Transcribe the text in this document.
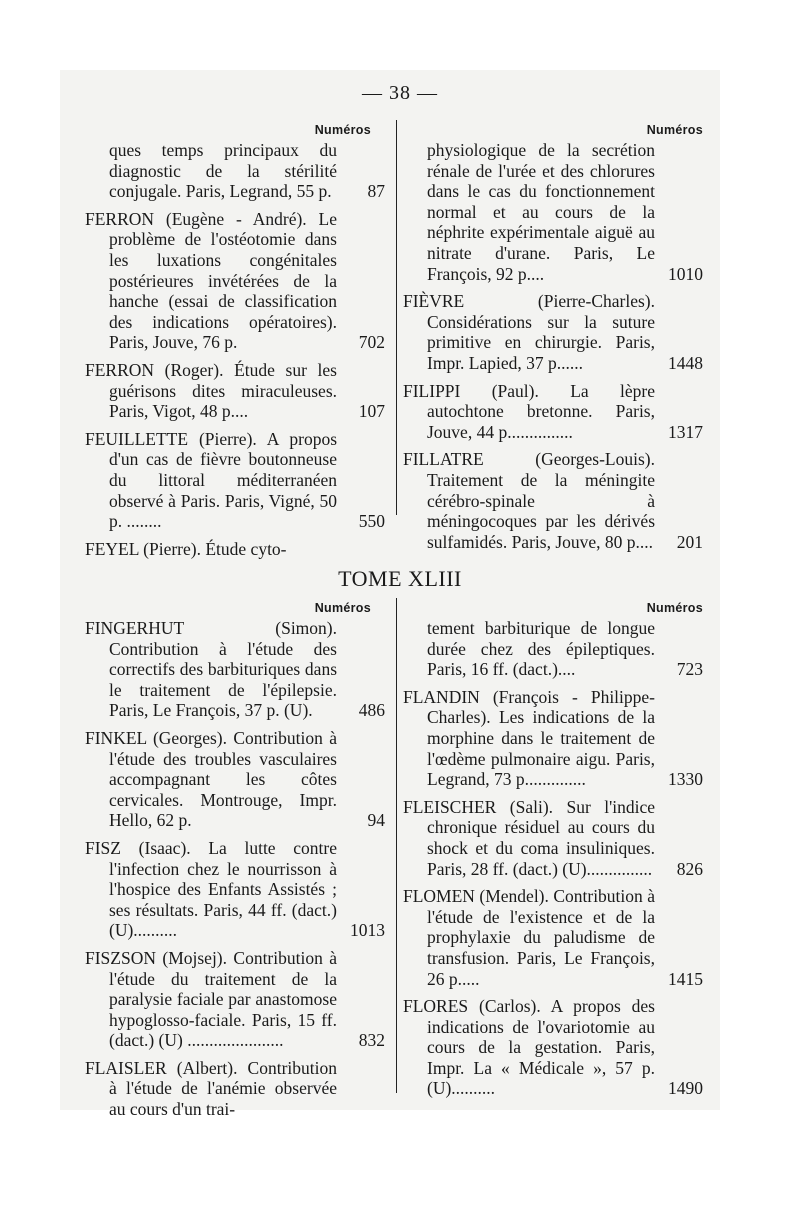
— 38 —
Numéros
ques temps principaux du diagnostic de la stérilité conjugale. Paris, Legrand, 55 p. 87
FERRON (Eugène - André). Le problème de l'ostéotomie dans les luxations congénitales postérieures invétérées de la hanche (essai de classification des indications opératoires). Paris, Jouve, 76 p.	702
FERRON (Roger). Étude sur les guérisons dites miraculeuses. Paris, Vigot, 48 p....	107
FEUILLETTE (Pierre). A propos d'un cas de fièvre boutonneuse du littoral méditerranéen observé à Paris. Paris, Vigné, 50 p. ........	550
FEYEL (Pierre). Étude cyto-
Numéros
physiologique de la secrétion rénale de l'urée et des chlorures dans le cas du fonctionnement normal et au cours de la néphrite expérimentale aiguë au nitrate d'urane. Paris, Le François, 92 p....	1010
FIÈVRE (Pierre-Charles). Considérations sur la suture primitive en chirurgie. Paris, Impr. Lapied, 37 p......	1448
FILIPPI (Paul). La lèpre autochtone bretonne. Paris, Jouve, 44 p...............	1317
FILLATRE (Georges-Louis). Traitement de la méningite cérébro-spinale à méningocoques par les dérivés sulfamidés. Paris, Jouve, 80 p.... 201
TOME XLIII
Numéros
FINGERHUT (Simon). Contribution à l'étude des correctifs des barbituriques dans le traitement de l'épilepsie. Paris, Le François, 37 p. (U).	486
FINKEL (Georges). Contribution à l'étude des troubles vasculaires accompagnant les côtes cervicales. Montrouge, Impr. Hello, 62 p.	94
FISZ (Isaac). La lutte contre l'infection chez le nourrisson à l'hospice des Enfants Assistés ; ses résultats. Paris, 44 ff. (dact.) (U)..........	1013
FISZSON (Mojsej). Contribution à l'étude du traitement de la paralysie faciale par anastomose hypoglosso-faciale. Paris, 15 ff. (dact.) (U) ......................	832
FLAISLER (Albert). Contribution à l'étude de l'anémie observée au cours d'un trai-
Numéros
tement barbiturique de longue durée chez des épileptiques. Paris, 16 ff. (dact.)....	723
FLANDIN (François - Philippe-Charles). Les indications de la morphine dans le traitement de l'œdème pulmonaire aigu. Paris, Legrand, 73 p..............	1330
FLEISCHER (Sali). Sur l'indice chronique résiduel au cours du shock et du coma insuliniques. Paris, 28 ff. (dact.) (U)............... 826
FLOMEN (Mendel). Contribution à l'étude de l'existence et de la prophylaxie du paludisme de transfusion. Paris, Le François, 26 p.....	1415
FLORES (Carlos). A propos des indications de l'ovariotomie au cours de la gestation. Paris, Impr. La « Médicale », 57 p. (U)..........	1490
